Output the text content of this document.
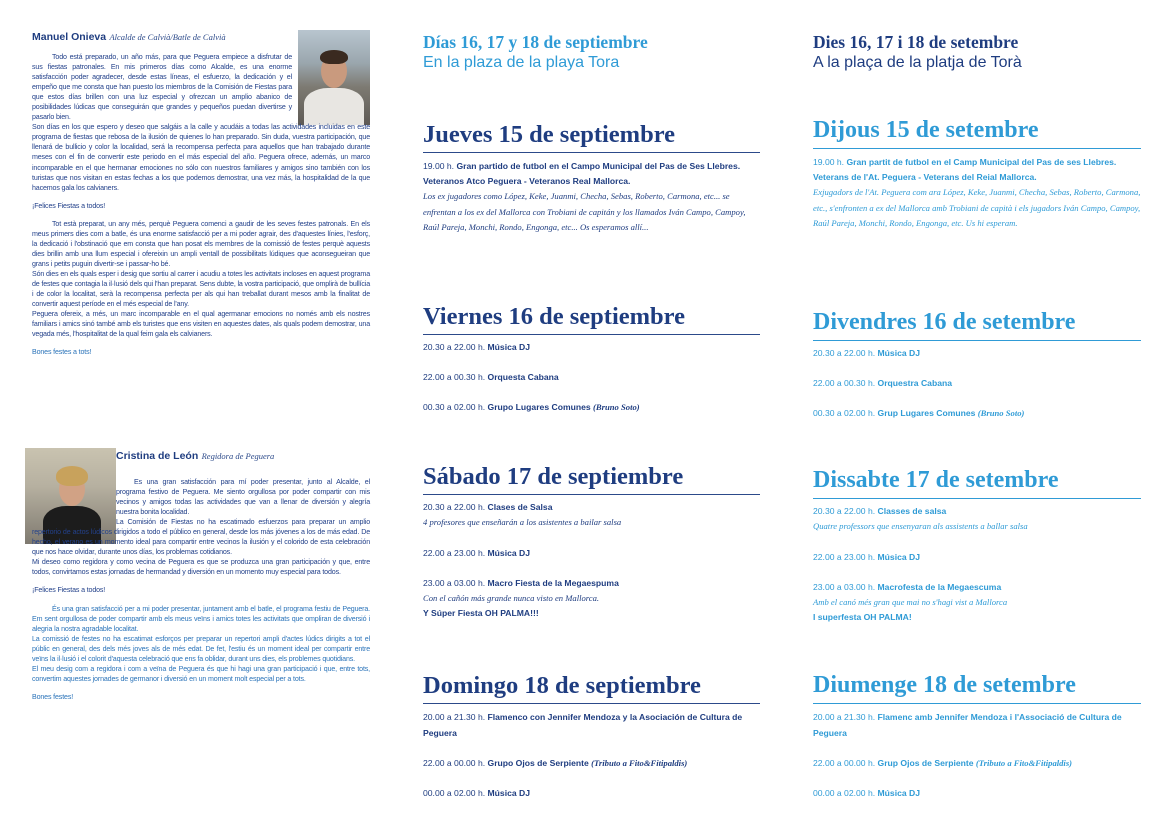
Manuel Onieva Alcalde de Calvià/Batle de Calvià

Todo está preparado, un año más, para que Peguera empiece a disfrutar de sus fiestas patronales. En mis primeros días como Alcalde, es una enorme satisfacción poder agradecer, desde estas líneas, el esfuerzo, la dedicación y el empeño que me consta que han puesto los miembros de la Comisión de Fiestas para que estos días brillen con una luz especial y ofrezcan un amplio abanico de posibilidades lúdicas que conseguirán que grandes y pequeños puedan divertirse y pasarlo bien.

Son días en los que espero y deseo que salgáis a la calle y acudáis a todas las actividades incluidas en este programa de fiestas que rebosa de la ilusión de quienes lo han preparado. Sin duda, vuestra participación, que llenará de bullicio y color la localidad, será la recompensa perfecta para aquellos que han trabajado durante meses con el fin de convertir este periodo en el más especial del año. Peguera ofrece, además, un marco incomparable en el que hermanar emociones no sólo con nuestros familiares y amigos sino también con los turistas que nos visitan en estas fechas a los que podemos demostrar, una vez más, la hospitalidad de la que hacemos gala los calvianers.

¡Felices Fiestas a todos!

Tot està preparat, un any més, perquè Peguera comenci a gaudir de les seves festes patronals. En els meus primers dies com a batle, és una enorme satisfacció per a mi poder agrair, des d'aquestes línies, l'esforç, la dedicació i l'obstinació que em consta que han posat els membres de la comissió de festes perquè aquests dies brillin amb una llum especial i ofereixin un ampli ventall de possibilitats lúdiques que aconsegueiran que grans i petits puguin divertir-se i passar-ho bé.

Són dies en els quals esper i desig que sortiu al carrer i acudiu a totes les activitats incloses en aquest programa de festes que contagia la il·lusió dels qui l'han preparat. Sens dubte, la vostra participació, que omplirà de bullícia i de color la localitat, serà la recompensa perfecta per als qui han treballat durant mesos amb la finalitat de convertir aquest període en el més especial de l'any.

Peguera ofereix, a més, un marc incomparable en el qual agermanar emocions no només amb els nostres familiars i amics sinó també amb els turistes que ens visiten en aquestes dates, als quals podem demostrar, una vegada més, l'hospitalitat de la qual feim gala els calvianers.

Bones festes a tots!

Cristina de León Regidora de Peguera

Es una gran satisfacción para mí poder presentar, junto al Alcalde, el programa festivo de Peguera. Me siento orgullosa por poder compartir con mis vecinos y amigos todas las actividades que van a llenar de diversión y alegría nuestra bonita localidad.

La Comisión de Fiestas no ha escatimado esfuerzos para preparar un amplio repertorio de actos lúdicos dirigidos a todo el público en general, desde los más jóvenes a los de más edad. De hecho, el verano es un momento ideal para compartir entre vecinos la ilusión y el colorido de esta celebración que nos hace olvidar, durante unos días, los problemas cotidianos.

Mi deseo como regidora y como vecina de Peguera es que se produzca una gran participación y que, entre todos, convirtamos estas jornadas de hermandad y diversión en un momento muy especial para todos.

¡Felices Fiestas a todos!

És una gran satisfacció per a mi poder presentar, juntament amb el batle, el programa festiu de Peguera. Em sent orgullosa de poder compartir amb els meus veïns i amics totes les activitats que ompliran de diversió i alegria la nostra agradable localitat.

La comissió de festes no ha escatimat esforços per preparar un repertori ampli d'actes lúdics dirigits a tot el públic en general, des dels més joves als de més edat. De fet, l'estiu és un moment ideal per compartir entre veïns la il·lusió i el colorit d'aquesta celebració que ens fa oblidar, durant uns dies, els problemes quotidians.

El meu desig com a regidora i com a veïna de Peguera és que hi hagi una gran participació i que, entre tots, convertim aquestes jornades de germanor i diversió en un moment molt especial per a tots.

Bones festes!

Días 16, 17 y 18 de septiembre
En la plaza de la playa Tora
Jueves 15 de septiembre
19.00 h. Gran partido de futbol en el Campo Municipal del Pas de Ses Llebres.
Veteranos Atco Peguera - Veteranos Real Mallorca.
Los ex jugadores como López, Keke, Juanmi, Checha, Sebas, Roberto, Carmona, etc... se enfrentan a los ex del Mallorca con Trobiani de capitán y los llamados Iván Campo, Campoy, Raúl Pareja, Monchi, Rondo, Engonga, etc... Os esperamos allí...
Viernes 16 de septiembre
20.30 a 22.00 h. Música DJ
22.00 a 00.30 h. Orquesta Cabana
00.30 a 02.00 h. Grupo Lugares Comunes (Bruno Soto)
Sábado 17 de septiembre
20.30 a 22.00 h. Clases de Salsa
4 profesores que enseñarán a los asistentes a bailar salsa
22.00 a 23.00 h. Música DJ
23.00 a 03.00 h. Macro Fiesta de la Megaespuma
Con el cañón más grande nunca visto en Mallorca.
Y Súper Fiesta OH PALMA!!!
Domingo 18 de septiembre
20.00 a 21.30 h. Flamenco con Jennifer Mendoza y la Asociación de Cultura de Peguera
22.00 a 00.00 h. Grupo Ojos de Serpiente (Tributo a Fito&Fitipaldis)
00.00 a 02.00 h. Música DJ
Dies 16, 17 i 18 de setembre
A la plaça de la platja de Torà
Dijous 15 de setembre
19.00 h. Gran partit de futbol en el Camp Municipal del Pas de ses Llebres.
Veterans de l'At. Peguera - Veterans del Reial Mallorca.
Exjugadors de l'At. Peguera com ara López, Keke, Juanmi, Checha, Sebas, Roberto, Carmona, etc., s'enfronten a ex del Mallorca amb Trobiani de capità i els jugadors Iván Campo, Campoy, Raúl Pareja, Monchi, Rondo, Engonga, etc. Us hi esperam.
Divendres 16 de setembre
20.30 a 22.00 h. Música DJ
22.00 a 00.30 h. Orquestra Cabana
00.30 a 02.00 h. Grup Lugares Comunes (Bruno Soto)
Dissabte 17 de setembre
20.30 a 22.00 h. Classes de salsa
Quatre professors que ensenyaran als assistents a ballar salsa
22.00 a 23.00 h. Música DJ
23.00 a 03.00 h. Macrofesta de la Megaescuma
Amb el canó més gran que mai no s'hagi vist a Mallorca
I superfesta OH PALMA!
Diumenge 18 de setembre
20.00 a 21.30 h. Flamenc amb Jennifer Mendoza i l'Associació de Cultura de Peguera
22.00 a 00.00 h. Grup Ojos de Serpiente (Tributo a Fito&Fitipaldis)
00.00 a 02.00 h. Música DJ
